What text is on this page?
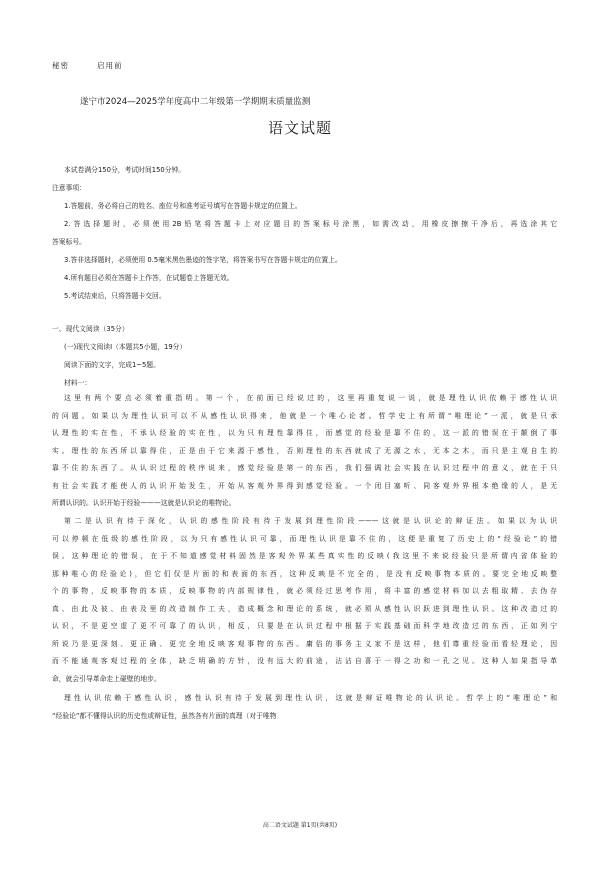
秘密	启用前
遂宁市2024—2025学年度高中二年级第一学期期末质量监测
语文试题
本试卷满分150分，考试时间150分钟。
注意事项：
1.答题前，务必将自己的姓名、座位号和准考证号填写在答题卡规定的位置上。
2.答选择题时，必须使用2B铅笔将答题卡上对应题目的答案标号涂黑，如需改动，用橡皮擦擦干净后，再选涂其它
答案标号。
3.答非选择题时，必须使用 0.5毫米黑色墨迹的签字笔，将答案书写在答题卡规定的位置上。
4.所有题目必须在答题卡上作答，在试题卷上答题无效。
5.考试结束后，只将答题卡交回。
一、现代文阅读（35分）
(一)现代文阅读Ⅰ（本题共5小题，19分）
阅读下面的文字，完成1~5题。
材料一：
这里有两个要点必须着重指明。第一个，在前面已经说过的，这里再重复说一说，就是理性认识依赖于感性认识
的问题。如果以为理性认识可以不从感性认识得来，他就是一个唯心论者。哲学史上有所谓“唯理论”一派，就是只承
认理性的实在性，不承认经验的实在性，以为只有理性靠得住，而感觉的经验是靠不住的，这一派的错误在于颠倒了事
实。理性的东西所以靠得住，正是由于它来源于感性，否则理性的东西就成了无源之水，无本之木，而只是主观自生的
靠不住的东西了。从认识过程的秩序说来，感觉经验是第一的东西，我们强调社会实践在认识过程中的意义，就在于只
有社会实践才能使人的认识开始发生，开始从客观外界得到感觉经验。一个闭目塞听、同客观外界根本绝缘的人，是无
所谓认识的。认识开始于经验———这就是认识论的唯物论。
第二是认识有待于深化，认识的感性阶段有待于发展到理性阶段———这就是认识论的辩证法。如果以为认识
可以停顿在低级的感性阶段，以为只有感性认识可靠，而理性认识是靠不住的，这便是重复了历史上的“经验论”的错
误。这种理论的错误，在于不知道感觉材料固然是客观外界某些真实性的反映(我这里不来说经验只是所谓内省体验的
那种唯心的经验论)，但它们仅是片面的和表面的东西，这种反映是不完全的，是没有反映事物本质的。要完全地反映整
个的事物，反映事物的本质，反映事物的内部规律性，就必须经过思考作用，将丰富的感觉材料加以去粗取精、去伪存
真、由此及彼、由表及里的改造制作工夫，造成概念和理论的系统，就必须从感性认识跃进到理性认识。这种改造过的
认识，不是更空虚了更不可靠了的认识，相反，只要是在认识过程中根据于实践基础而科学地改造过的东西，正如列宁
所说乃是更深刻、更正确、更完全地反映客观事物的东西。庸俗的事务主义家不是这样，他们尊重经验而看轻理论，因
而不能通观客观过程的全体，缺乏明确的方针，没有远大的前途，沾沾自喜于一得之功和一孔之见。这种人如果指导革
命，就会引导革命走上碰壁的地步。
理性认识依赖于感性认识，感性认识有待于发展到理性认识，这就是辩证唯物论的认识论。哲学上的“唯理论”和
“经验论”都不懂得认识的历史性或辩证性，虽然各有片面的真理（对于唯物
高二语文试题 第1页(共8页)
